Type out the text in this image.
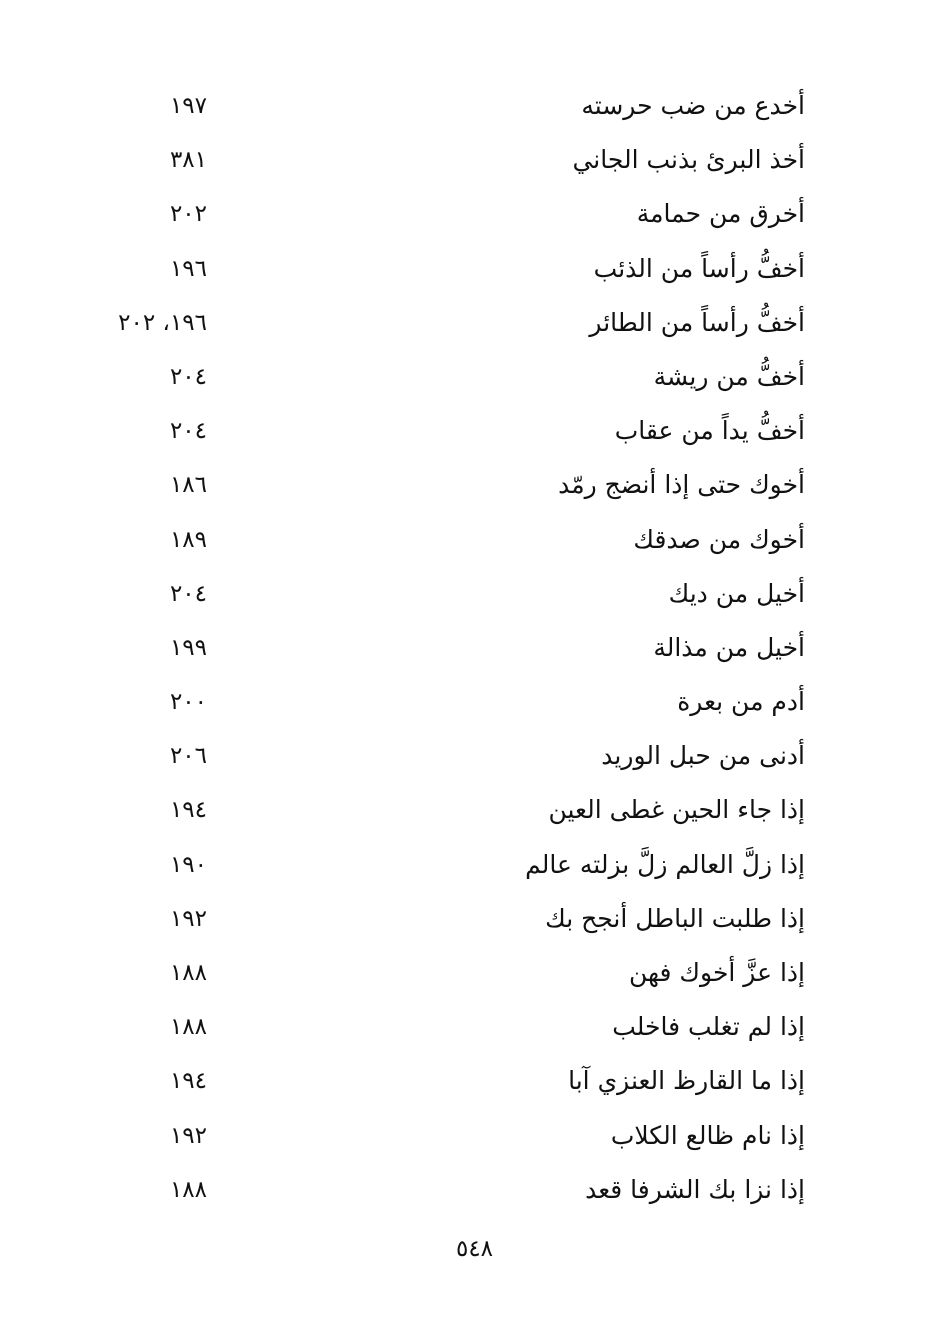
أخدع من ضب حرسته
١٩٧
أخذ البرئ بذنب الجاني
٣٨١
أخرق من حمامة
٢٠٢
أخفُّ رأساً من الذئب
١٩٦
أخفُّ رأساً من الطائر
١٩٦، ٢٠٢
أخفُّ من ريشة
٢٠٤
أخفُّ يداً من عقاب
٢٠٤
أخوك حتى إذا أنضج رمّد
١٨٦
أخوك من صدقك
١٨٩
أخيل من ديك
٢٠٤
أخيل من مذالة
١٩٩
أدم من بعرة
٢٠٠
أدنى من حبل الوريد
٢٠٦
إذا جاء الحين غطى العين
١٩٤
إذا زلَّ العالم زلَّ بزلته عالم
١٩٠
إذا طلبت الباطل أنجح بك
١٩٢
إذا عزَّ أخوك فهن
١٨٨
إذا لم تغلب فاخلب
١٨٨
إذا ما القارظ العنزي آبا
١٩٤
إذا نام ظالع الكلاب
١٩٢
إذا نزا بك الشرفا قعد
١٨٨
٥٤٨
